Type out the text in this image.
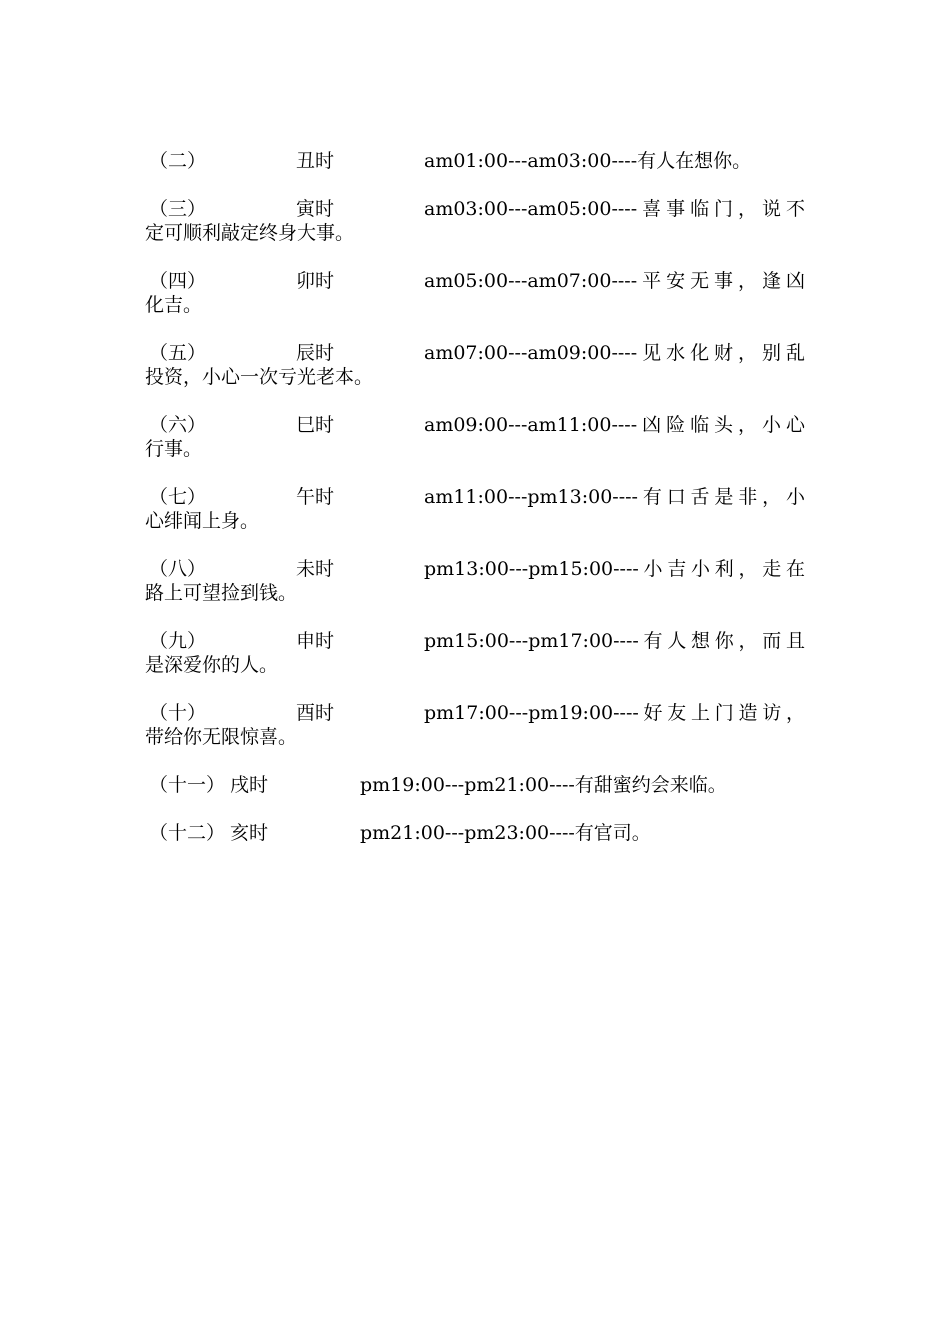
（二）	丑时	am01:00---am03:00----有人在想你。
（三）	寅时	am03:00---am05:00----喜事临门，说不
定可顺利敲定终身大事。
（四）	卯时	am05:00---am07:00----平安无事，逢凶
化吉。
（五）	辰时	am07:00---am09:00----见水化财，别乱
投资，小心一次亏光老本。
（六）	巳时	am09:00---am11:00----凶险临头，小心
行事。
（七）	午时	am11:00---pm13:00----有口舌是非，小
心绯闻上身。
（八）	未时	pm13:00---pm15:00----小吉小利，走在
路上可望捡到钱。
（九）	申时	pm15:00---pm17:00----有人想你，而且
是深爱你的人。
（十）	酉时	pm17:00---pm19:00----好友上门造访，
带给你无限惊喜。
（十一） 戌时	pm19:00---pm21:00----有甜蜜约会来临。
（十二） 亥时	pm21:00---pm23:00----有官司。
